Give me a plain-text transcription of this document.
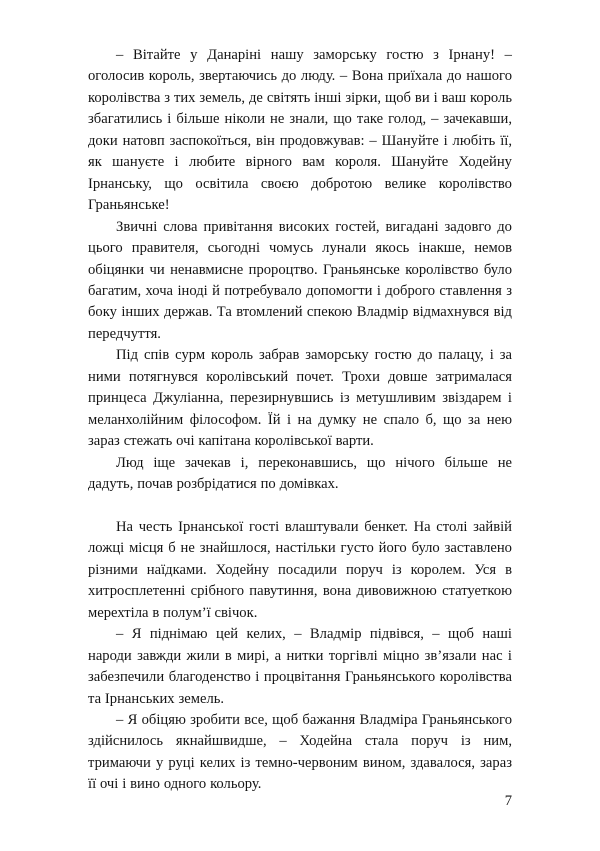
– Вітайте у Данаріні нашу заморську гостю з Ірнану! – оголосив король, звертаючись до люду. – Вона приїхала до нашого королівства з тих земель, де світять інші зірки, щоб ви і ваш король збагатились і більше ніколи не знали, що таке голод, – зачекавши, доки натовп заспокоїться, він продовжував: – Шануйте і любіть її, як шануєте і любите вірного вам короля. Шануйте Ходейну Ірнанську, що освітила своєю добротою велике королівство Граньянське!

Звичні слова привітання високих гостей, вигадані задовго до цього правителя, сьогодні чомусь лунали якось інакше, немов обіцянки чи ненавмисне пророцтво. Граньянське королівство було багатим, хоча іноді й потребувало допомогти і доброго ставлення з боку інших держав. Та втомлений спекою Владмір відмахнувся від передчуття.

Під спів сурм король забрав заморську гостю до палацу, і за ними потягнувся королівський почет. Трохи довше затрималася принцеса Джуліанна, перезирнувшись із метушливим звіздарем і меланхолійним філософом. Їй і на думку не спало б, що за нею зараз стежать очі капітана королівської варти.

Люд іще зачекав і, переконавшись, що нічого більше не дадуть, почав розбрідатися по домівках.

На честь Ірнанської гості влаштували бенкет. На столі зайвій ложці місця б не знайшлося, настільки густо його було заставлено різними наїдками. Ходейну посадили поруч із королем. Уся в хитросплетенні срібного павутиння, вона дивовижною статуеткою мерехтіла в полум’ї свічок.

– Я піднімаю цей келих, – Владмір підвівся, – щоб наші народи завжди жили в мирі, а нитки торгівлі міцно зв’язали нас і забезпечили благоденство і процвітання Граньянського королівства та Ірнанських земель.

– Я обіцяю зробити все, щоб бажання Владміра Граньянського здійснилось якнайшвидше, – Ходейна стала поруч із ним, тримаючи у руці келих із темно-червоним вином, здавалося, зараз її очі і вино одного кольору.

7
